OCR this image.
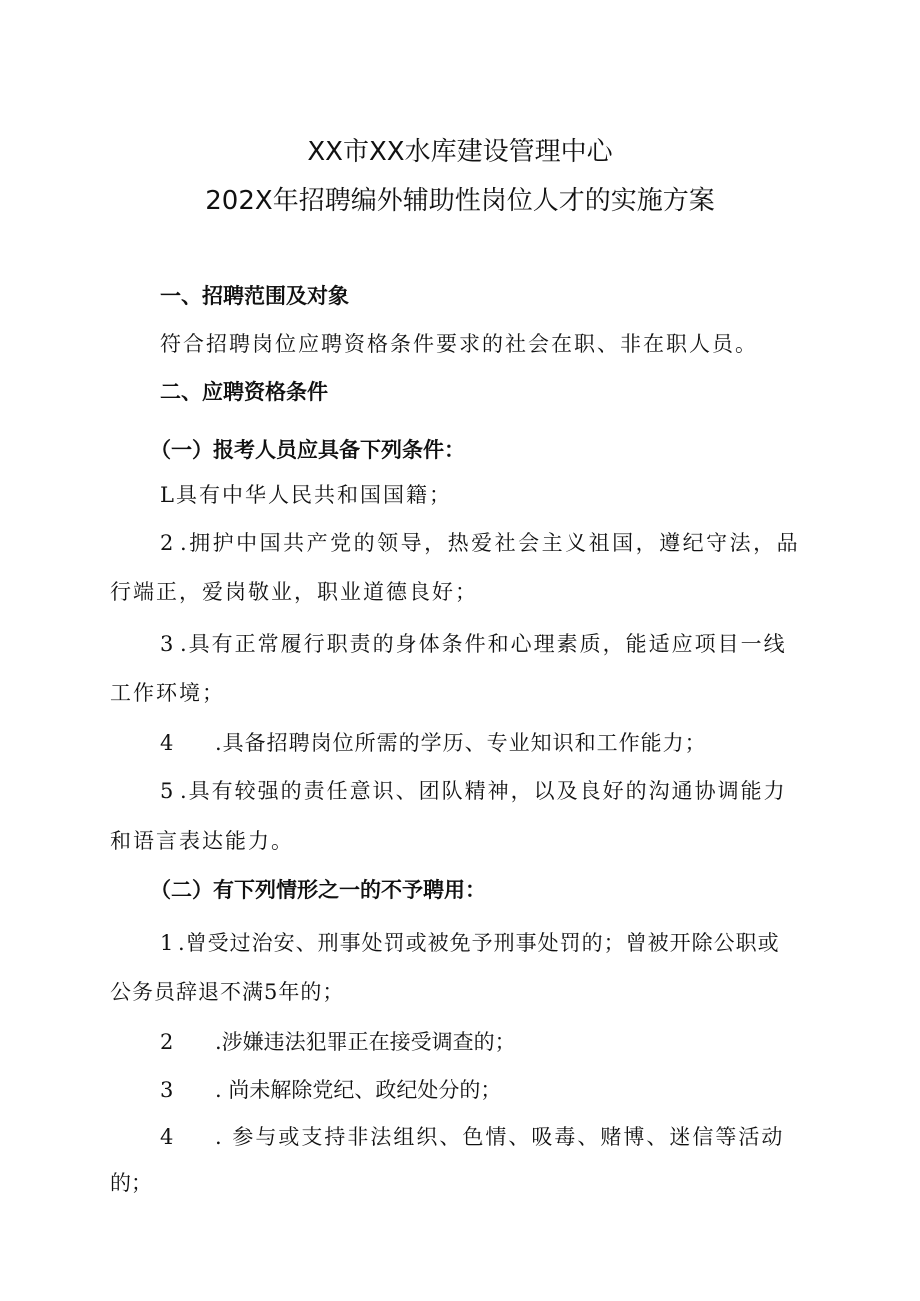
XX市XX水库建设管理中心
202X年招聘编外辅助性岗位人才的实施方案
一、招聘范围及对象
符合招聘岗位应聘资格条件要求的社会在职、非在职人员。
二、应聘资格条件
（一）报考人员应具备下列条件：
L具有中华人民共和国国籍；
2 .拥护中国共产党的领导，热爱社会主义祖国，遵纪守法，品
行端正，爱岗敬业，职业道德良好；
3 .具有正常履行职责的身体条件和心理素质，能适应项目一线
工作环境；
4 .具备招聘岗位所需的学历、专业知识和工作能力；
5 .具有较强的责任意识、团队精神，以及良好的沟通协调能力
和语言表达能力。
（二）有下列情形之一的不予聘用：
1 .曾受过治安、刑事处罚或被免予刑事处罚的；曾被开除公职或
公务员辞退不满5年的；
2 .涉嫌违法犯罪正在接受调查的；
3 . 尚未解除党纪、政纪处分的；
4 . 参与或支持非法组织、色情、吸毒、赌博、迷信等活动
的；
